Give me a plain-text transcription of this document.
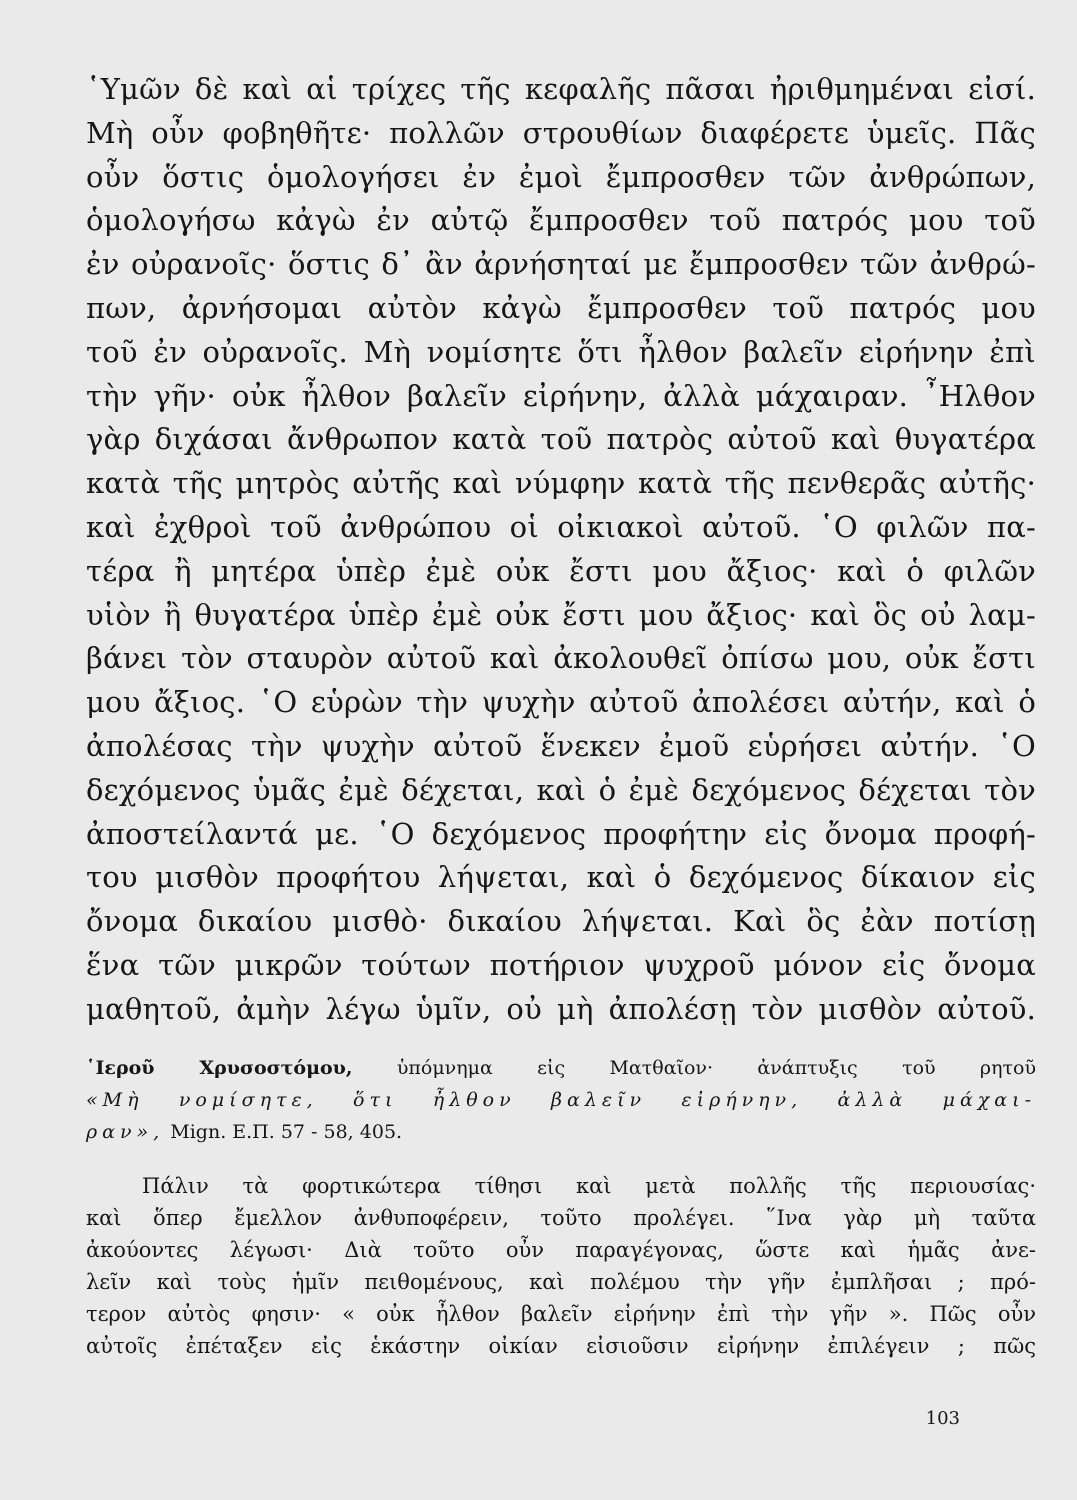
῾Υμῶν δὲ καὶ αἱ τρίχες τῆς κεφαλῆς πᾶσαι ἠριθμημέναι εἰσί.
Μὴ οὖν φοβηθῆτε· πολλῶν στρουθίων διαφέρετε ὑμεῖς. Πᾶς
οὖν ὅστις ὁμολογήσει ἐν ἐμοὶ ἔμπροσθεν τῶν ἀνθρώπων,
ὁμολογήσω κἀγὼ ἐν αὐτῷ ἔμπροσθεν τοῦ πατρός μου τοῦ
ἐν οὐρανοῖς· ὅστις δ᾿ ἂν ἀρνήσηταί με ἔμπροσθεν τῶν ἀνθρώ-
πων, ἀρνήσομαι αὐτὸν κἀγὼ ἔμπροσθεν τοῦ πατρός μου
τοῦ ἐν οὐρανοῖς. Μὴ νομίσητε ὅτι ἦλθον βαλεῖν εἰρήνην ἐπὶ
τὴν γῆν· οὐκ ἦλθον βαλεῖν εἰρήνην, ἀλλὰ μάχαιραν. ῏Ηλθον
γὰρ διχάσαι ἄνθρωπον κατὰ τοῦ πατρὸς αὐτοῦ καὶ θυγατέρα
κατὰ τῆς μητρὸς αὐτῆς καὶ νύμφην κατὰ τῆς πενθερᾶς αὐτῆς·
καὶ ἐχθροὶ τοῦ ἀνθρώπου οἱ οἰκιακοὶ αὐτοῦ. ῾Ο φιλῶν πα-
τέρα ἢ μητέρα ὑπὲρ ἐμὲ οὐκ ἔστι μου ἄξιος· καὶ ὁ φιλῶν
υἱὸν ἢ θυγατέρα ὑπὲρ ἐμὲ οὐκ ἔστι μου ἄξιος· καὶ ὃς οὐ λαμ-
βάνει τὸν σταυρὸν αὐτοῦ καὶ ἀκολουθεῖ ὀπίσω μου, οὐκ ἔστι
μου ἄξιος. ῾Ο εὑρὼν τὴν ψυχὴν αὐτοῦ ἀπολέσει αὐτήν, καὶ ὁ
ἀπολέσας τὴν ψυχὴν αὐτοῦ ἕνεκεν ἐμοῦ εὑρήσει αὐτήν. ῾Ο
δεχόμενος ὑμᾶς ἐμὲ δέχεται, καὶ ὁ ἐμὲ δεχόμενος δέχεται τὸν
ἀποστείλαντά με. ῾Ο δεχόμενος προφήτην εἰς ὄνομα προφή-
του μισθὸν προφήτου λήψεται, καὶ ὁ δεχόμενος δίκαιον εἰς
ὄνομα δικαίου μισθὸ· δικαίου λήψεται. Καὶ ὃς ἐὰν ποτίσῃ
ἕνα τῶν μικρῶν τούτων ποτήριον ψυχροῦ μόνον εἰς ὄνομα
μαθητοῦ, ἀμὴν λέγω ὑμῖν, οὐ μὴ ἀπολέσῃ τὸν μισθὸν αὐτοῦ.
῾Ιεροῦ Χρυσοστόμου, ὑπόμνημα εἰς Ματθαῖον· ἀνάπτυξις τοῦ ρητοῦ
«Μὴ νομίσητε, ὅτι ἦλθον βαλεῖν εἰρήνην, ἀλλὰ μάχαι-
ραν», Mign. Ε.Π. 57 - 58, 405.
Πάλιν τὰ φορτικώτερα τίθησι καὶ μετὰ πολλῆς τῆς περιουσίας·
καὶ ὅπερ ἔμελλον ἀνθυποφέρειν, τοῦτο προλέγει. ῞Ινα γὰρ μὴ ταῦτα
ἀκούοντες λέγωσι· Διὰ τοῦτο οὖν παραγέγονας, ὥστε καὶ ἡμᾶς ἀνε-
λεῖν καὶ τοὺς ἡμῖν πειθομένους, καὶ πολέμου τὴν γῆν ἐμπλῆσαι ; πρό-
τερον αὐτὸς φησιν· « οὐκ ἦλθον βαλεῖν εἰρήνην ἐπὶ τὴν γῆν ». Πῶς οὖν
αὐτοῖς ἐπέταξεν εἰς ἑκάστην οἰκίαν εἰσιοῦσιν εἰρήνην ἐπιλέγειν ; πῶς
103
